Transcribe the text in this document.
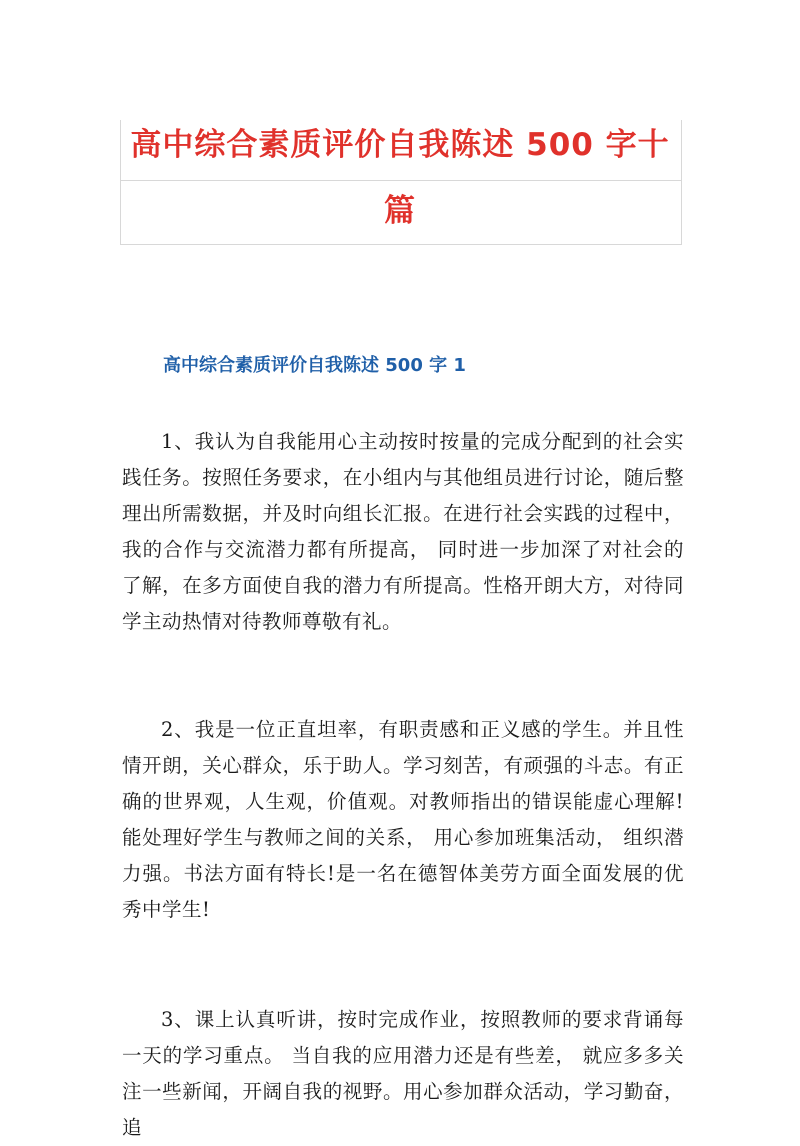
高中综合素质评价自我陈述 500 字十篇
高中综合素质评价自我陈述 500 字 1

1、我认为自我能用心主动按时按量的完成分配到的社会实践任务。按照任务要求，在小组内与其他组员进行讨论，随后整理出所需数据，并及时向组长汇报。在进行社会实践的过程中，我的合作与交流潜力都有所提高， 同时进一步加深了对社会的了解，在多方面使自我的潜力有所提高。性格开朗大方，对待同学主动热情对待教师尊敬有礼。

2、我是一位正直坦率，有职责感和正义感的学生。并且性情开朗，关心群众，乐于助人。学习刻苦，有顽强的斗志。有正确的世界观，人生观，价值观。对教师指出的错误能虚心理解!能处理好学生与教师之间的关系， 用心参加班集活动， 组织潜力强。书法方面有特长!是一名在德智体美劳方面全面发展的优秀中学生!

3、课上认真听讲，按时完成作业，按照教师的要求背诵每一天的学习重点。 当自我的应用潜力还是有些差， 就应多多关注一些新闻，开阔自我的视野。用心参加群众活动，学习勤奋，追
